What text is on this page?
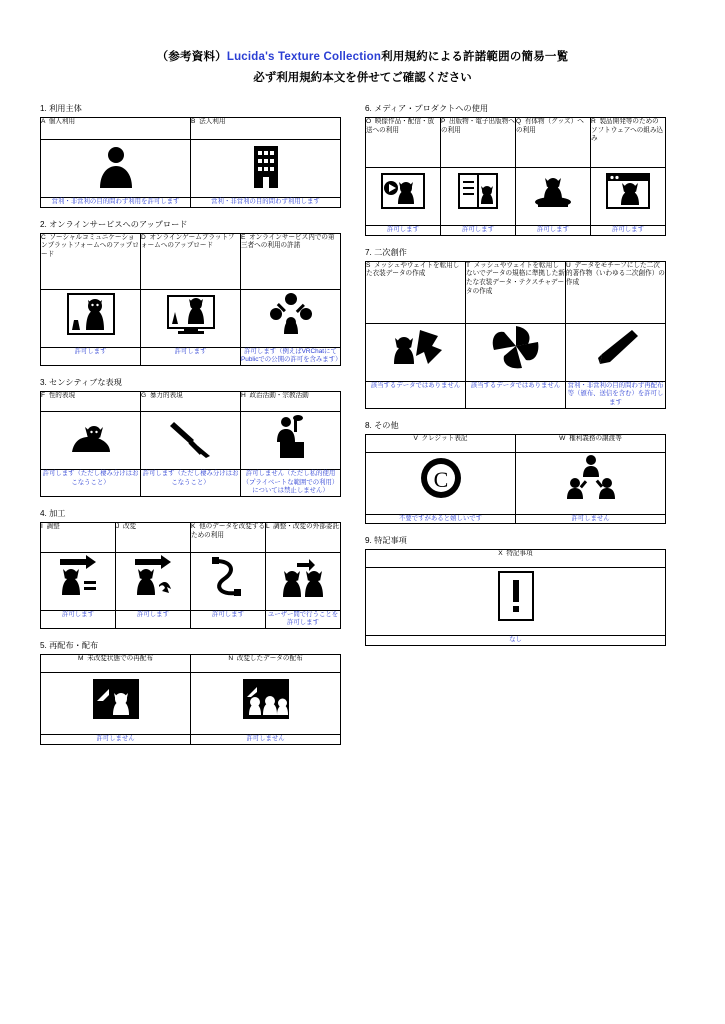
（参考資料）Lucida's Texture Collection利用規約による許諾範囲の簡易一覧
必ず利用規約本文を併せてご確認ください
1. 利用主体
A 個人利用	B 法人利用

営利・非営利の目的問わず利用を許可します	営利・非営利の目的問わず利用します
2. オンラインサービスへのアップロード
C ソーシャルコミュニケーションプラットフォームへのアップロード	D オンラインゲームプラットフォームへのアップロード	E オンラインサービス内での第三者への利用の許諾

許可します	許可します	許可します（例えばVRChatにてPublicでの公開の許可を含みます）
3. センシティブな表現
F 性的表現	G 暴力的表現	H 政治活動・宗教活動

許可します（ただし棲み分けはおこなうこと）	許可します（ただし棲み分けはおこなうこと）	許可しません（ただし私的使用（プライベートな範囲での利用）については禁止しません）
4. 加工
I 調整	J 改変	K 他のデータを改変するための利用	L 調整・改変の外部委託

許可します	許可します	許可します	ユーザー間で行うことを許可します
5. 再配布・配布
M 未改変状態での再配布	N 改変したデータの配布

許可しません	許可しません
6. メディア・プロダクトへの使用
O 映像作品・配信・放送への利用	P 出版物・電子出版物への利用	Q 有体物（グッズ）への利用	R 製品開発等のためのソフトウェアへの組み込み

許可します	許可します	許可します	許可します
7. 二次創作
S メッシュやウェイトを転用した衣装データの作成	T メッシュやウェイトを転用しないでデータの規格に準拠した新たな衣装データ・テクスチャデータの作成	U データをモチーフにした二次的著作物（いわゆる二次創作）の作成

該当するデータではありません	該当するデータではありません	営利・非営利の目的問わず再配布等（頒布、送信を含む）を許可します
8. その他
V クレジット表記	W 権利義務の譲渡等

C

不要ですがあると嬉しいです	許可しません
9. 特記事項
X 特記事項

なし
